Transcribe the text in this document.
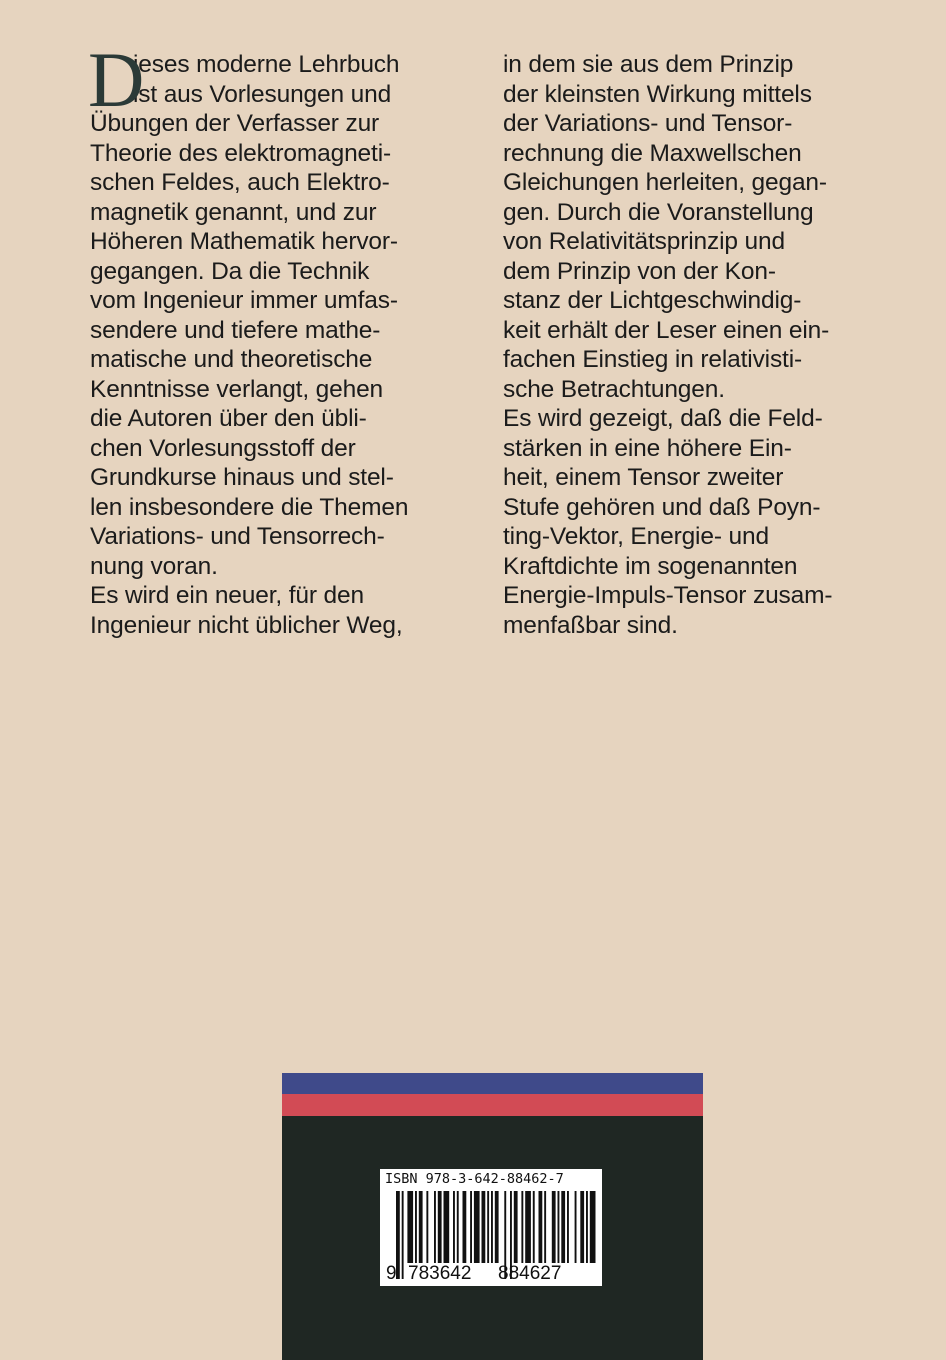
D
ieses moderne Lehrbuch
ist aus Vorlesungen und
Übungen der Verfasser zur
Theorie des elektromagneti-
schen Feldes, auch Elektro-
magnetik genannt, und zur
Höheren Mathematik hervor-
gegangen. Da die Technik
vom Ingenieur immer umfas-
sendere und tiefere mathe-
matische und theoretische
Kenntnisse verlangt, gehen
die Autoren über den übli-
chen Vorlesungsstoff der
Grundkurse hinaus und stel-
len insbesondere die Themen
Variations- und Tensorrech-
nung voran.
Es wird ein neuer, für den
Ingenieur nicht üblicher Weg,
in dem sie aus dem Prinzip
der kleinsten Wirkung mittels
der Variations- und Tensor-
rechnung die Maxwellschen
Gleichungen herleiten, gegan-
gen. Durch die Voranstellung
von Relativitätsprinzip und
dem Prinzip von der Kon-
stanz der Lichtgeschwindig-
keit erhält der Leser einen ein-
fachen Einstieg in relativisti-
sche Betrachtungen.
Es wird gezeigt, daß die Feld-
stärken in eine höhere Ein-
heit, einem Tensor zweiter
Stufe gehören und daß Poyn-
ting-Vektor, Energie- und
Kraftdichte im sogenannten
Energie-Impuls-Tensor zusam-
menfaßbar sind.
ISBN 978-3-642-88462-7
9 783642 884627
